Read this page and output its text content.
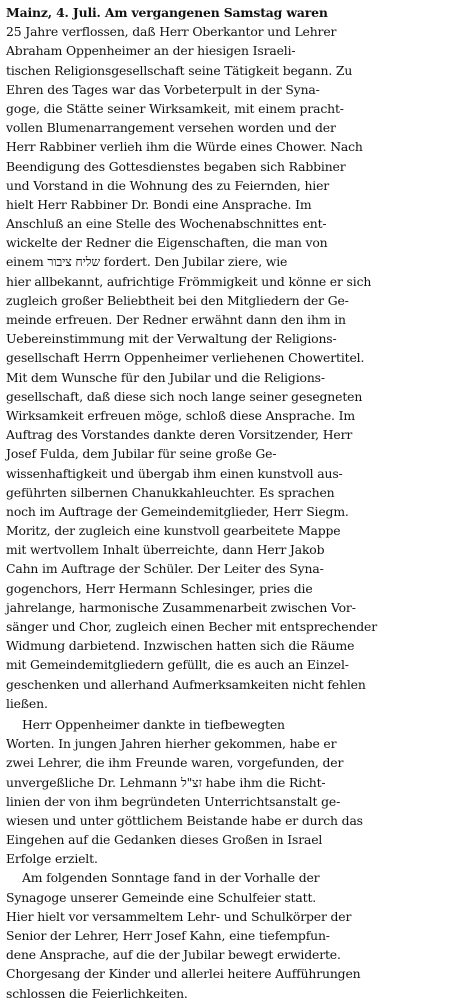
Mainz, 4. Juli. Am vergangenen Samstag waren
25 Jahre verflossen, daß Herr Oberkantor und Lehrer
Abraham Oppenheimer an der hiesigen Israeli-
tischen Religionsgesellschaft seine Tätigkeit begann. Zu
Ehren des Tages war das Vorbeterpult in der Syna-
goge, die Stätte seiner Wirksamkeit, mit einem pracht-
vollen Blumenarrangement versehen worden und der
Herr Rabbiner verlieh ihm die Würde eines Chower. Nach
Beendigung des Gottesdienstes begaben sich Rabbiner
und Vorstand in die Wohnung des zu Feiernden, hier
hielt Herr Rabbiner Dr. Bondi eine Ansprache. Im
Anschluß an eine Stelle des Wochenabschnittes ent-
wickelte der Redner die Eigenschaften, die man von
einem שליח ציבור fordert. Den Jubilar ziere, wie
hier allbekannt, aufrichtige Frömmigkeit und könne er sich
zugleich großer Beliebtheit bei den Mitgliedern der Ge-
meinde erfreuen. Der Redner erwähnt dann den ihm in
Uebereinstimmung mit der Verwaltung der Religions-
gesellschaft Herrn Oppenheimer verliehenen Chowertitel.
Mit dem Wunsche für den Jubilar und die Religions-
gesellschaft, daß diese sich noch lange seiner gesegneten
Wirksamkeit erfreuen möge, schloß diese Ansprache. Im
Auftrag des Vorstandes dankte deren Vorsitzender, Herr
Josef Fulda, dem Jubilar für seine große Ge-
wissenhaftigkeit und übergab ihm einen kunstvoll aus-
geführten silbernen Chanukkahleuchter. Es sprachen
noch im Auftrage der Gemeindemitglieder, Herr Siegm.
Moritz, der zugleich eine kunstvoll gearbeitete Mappe
mit wertvollem Inhalt überreichte, dann Herr Jakob
Cahn im Auftrage der Schüler. Der Leiter des Syna-
gogenchors, Herr Hermann Schlesinger, pries die
jahrelange, harmonische Zusammenarbeit zwischen Vor-
sänger und Chor, zugleich einen Becher mit entsprechender
Widmung darbietend. Inzwischen hatten sich die Räume
mit Gemeindemitgliedern gefüllt, die es auch an Einzel-
geschenken und allerhand Aufmerksamkeiten nicht fehlen
ließen.
Herr Oppenheimer dankte in tiefbewegten
Worten. In jungen Jahren hierher gekommen, habe er
zwei Lehrer, die ihm Freunde waren, vorgefunden, der
unvergeßliche Dr. Lehmann זצ"ל habe ihm die Richt-
linien der von ihm begründeten Unterrichtsanstalt ge-
wiesen und unter göttlichem Beistande habe er durch das
Eingehen auf die Gedanken dieses Großen in Israel
Erfolge erzielt.
Am folgenden Sonntage fand in der Vorhalle der
Synagoge unserer Gemeinde eine Schulfeier statt.
Hier hielt vor versammeltem Lehr- und Schulkörper der
Senior der Lehrer, Herr Josef Kahn, eine tiefempfun-
dene Ansprache, auf die der Jubilar bewegt erwiderte.
Chorgesang der Kinder und allerlei heitere Aufführungen
schlossen die Feierlichkeiten.
